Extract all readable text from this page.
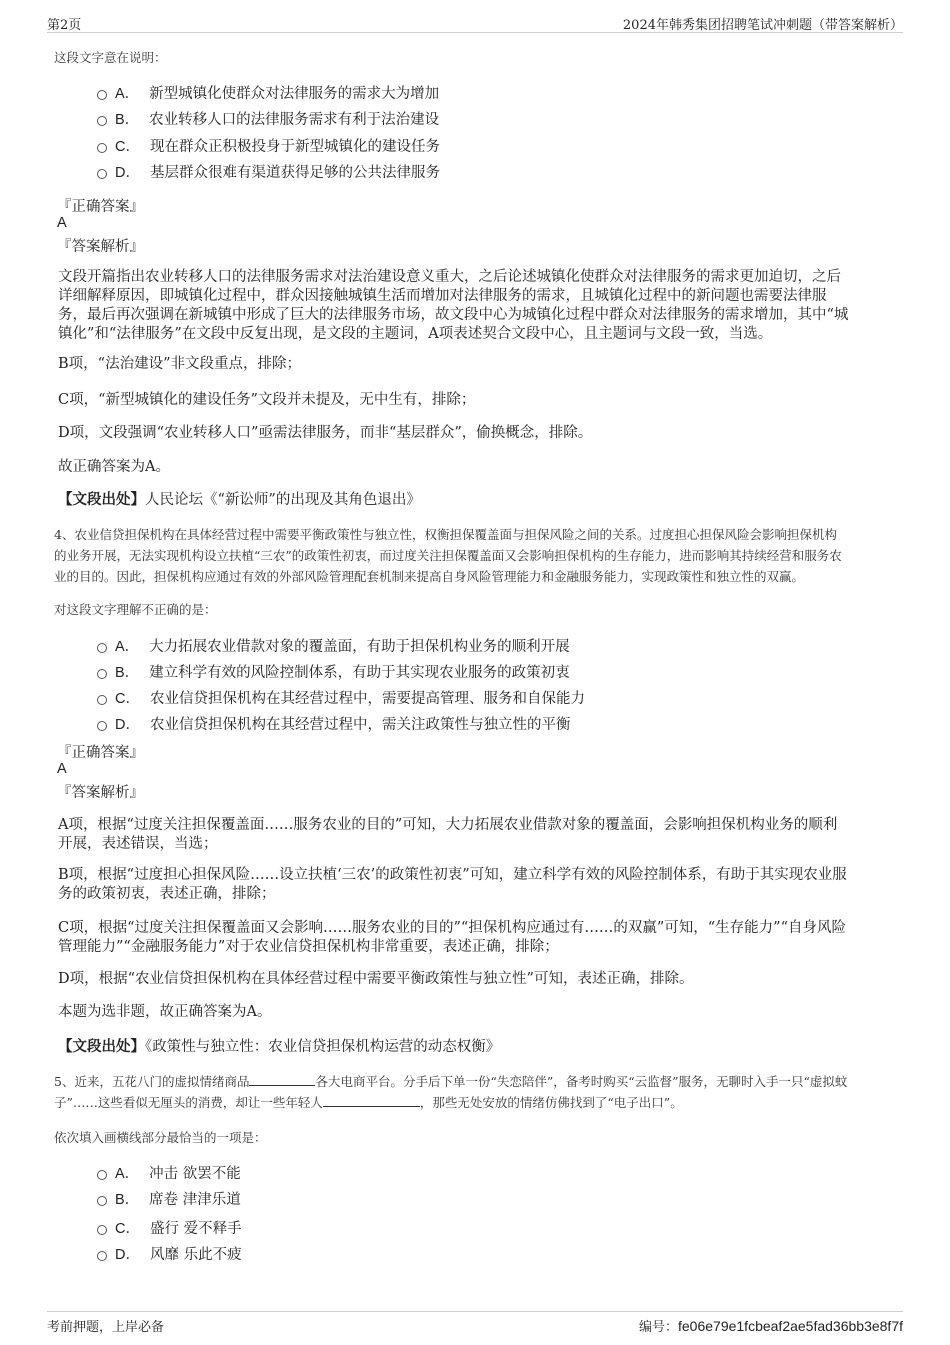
第2页	2024年韩秀集团招聘笔试冲刺题（带答案解析）
这段文字意在说明：
A． 新型城镇化使群众对法律服务的需求大为增加
B． 农业转移人口的法律服务需求有利于法治建设
C． 现在群众正积极投身于新型城镇化的建设任务
D． 基层群众很难有渠道获得足够的公共法律服务
『正确答案』
A
『答案解析』
文段开篇指出农业转移人口的法律服务需求对法治建设意义重大，之后论述城镇化使群众对法律服务的需求更加迫切，之后
详细解释原因，即城镇化过程中，群众因接触城镇生活而增加对法律服务的需求，且城镇化过程中的新问题也需要法律服
务，最后再次强调在新城镇中形成了巨大的法律服务市场，故文段中心为城镇化过程中群众对法律服务的需求增加，其中“城
镇化”和“法律服务”在文段中反复出现，是文段的主题词，A项表述契合文段中心，且主题词与文段一致，当选。
B项，“法治建设”非文段重点，排除；
C项，“新型城镇化的建设任务”文段并未提及，无中生有，排除；
D项，文段强调“农业转移人口”亟需法律服务，而非“基层群众”，偷换概念，排除。
故正确答案为A。
【文段出处】人民论坛《“新讼师”的出现及其角色退出》
4、农业信贷担保机构在具体经营过程中需要平衡政策性与独立性，权衡担保覆盖面与担保风险之间的关系。过度担心担保风险会影响担保机构
的业务开展，无法实现机构设立扶植“三农”的政策性初衷，而过度关注担保覆盖面又会影响担保机构的生存能力，进而影响其持续经营和服务农
业的目的。因此，担保机构应通过有效的外部风险管理配套机制来提高自身风险管理能力和金融服务能力，实现政策性和独立性的双赢。
对这段文字理解不正确的是：
A． 大力拓展农业借款对象的覆盖面，有助于担保机构业务的顺利开展
B． 建立科学有效的风险控制体系，有助于其实现农业服务的政策初衷
C． 农业信贷担保机构在其经营过程中，需要提高管理、服务和自保能力
D． 农业信贷担保机构在其经营过程中，需关注政策性与独立性的平衡
『正确答案』
A
『答案解析』
A项，根据“过度关注担保覆盖面……服务农业的目的”可知，大力拓展农业借款对象的覆盖面，会影响担保机构业务的顺利
开展，表述错误，当选；
B项，根据“过度担心担保风险……设立扶植‘三农’的政策性初衷”可知，建立科学有效的风险控制体系，有助于其实现农业服
务的政策初衷，表述正确，排除；
C项，根据“过度关注担保覆盖面又会影响……服务农业的目的”“担保机构应通过有……的双赢”可知，“生存能力”“自身风险
管理能力”“金融服务能力”对于农业信贷担保机构非常重要，表述正确，排除；
D项，根据“农业信贷担保机构在具体经营过程中需要平衡政策性与独立性”可知，表述正确，排除。
本题为选非题，故正确答案为A。
【文段出处】《政策性与独立性：农业信贷担保机构运营的动态权衡》
5、近来，五花八门的虚拟情绪商品	各大电商平台。分手后下单一份“失恋陪伴”，备考时购买“云监督”服务，无聊时入手一只“虚拟蚊
子”……这些看似无厘头的消费，却让一些年轻人	，那些无处安放的情绪仿佛找到了“电子出口”。
依次填入画横线部分最恰当的一项是：
A． 冲击 欲罢不能
B． 席卷 津津乐道
C． 盛行 爱不释手
D． 风靡 乐此不疲
考前押题，上岸必备	编号：fe06e79e1fcbeaf2ae5fad36bb3e8f7f
